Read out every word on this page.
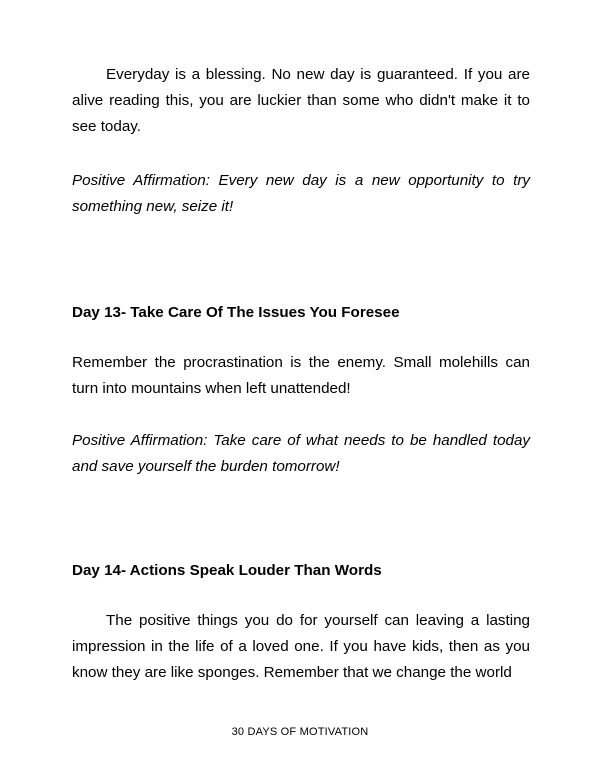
Everyday is a blessing. No new day is guaranteed. If you are alive reading this, you are luckier than some who didn't make it to see today.

Positive Affirmation: Every new day is a new opportunity to try something new, seize it!

Day 13- Take Care Of The Issues You Foresee

Remember the procrastination is the enemy. Small molehills can turn into mountains when left unattended!

Positive Affirmation: Take care of what needs to be handled today and save yourself the burden tomorrow!

Day 14- Actions Speak Louder Than Words

The positive things you do for yourself can leaving a lasting impression in the life of a loved one. If you have kids, then as you know they are like sponges. Remember that we change the world

30 DAYS OF MOTIVATION
